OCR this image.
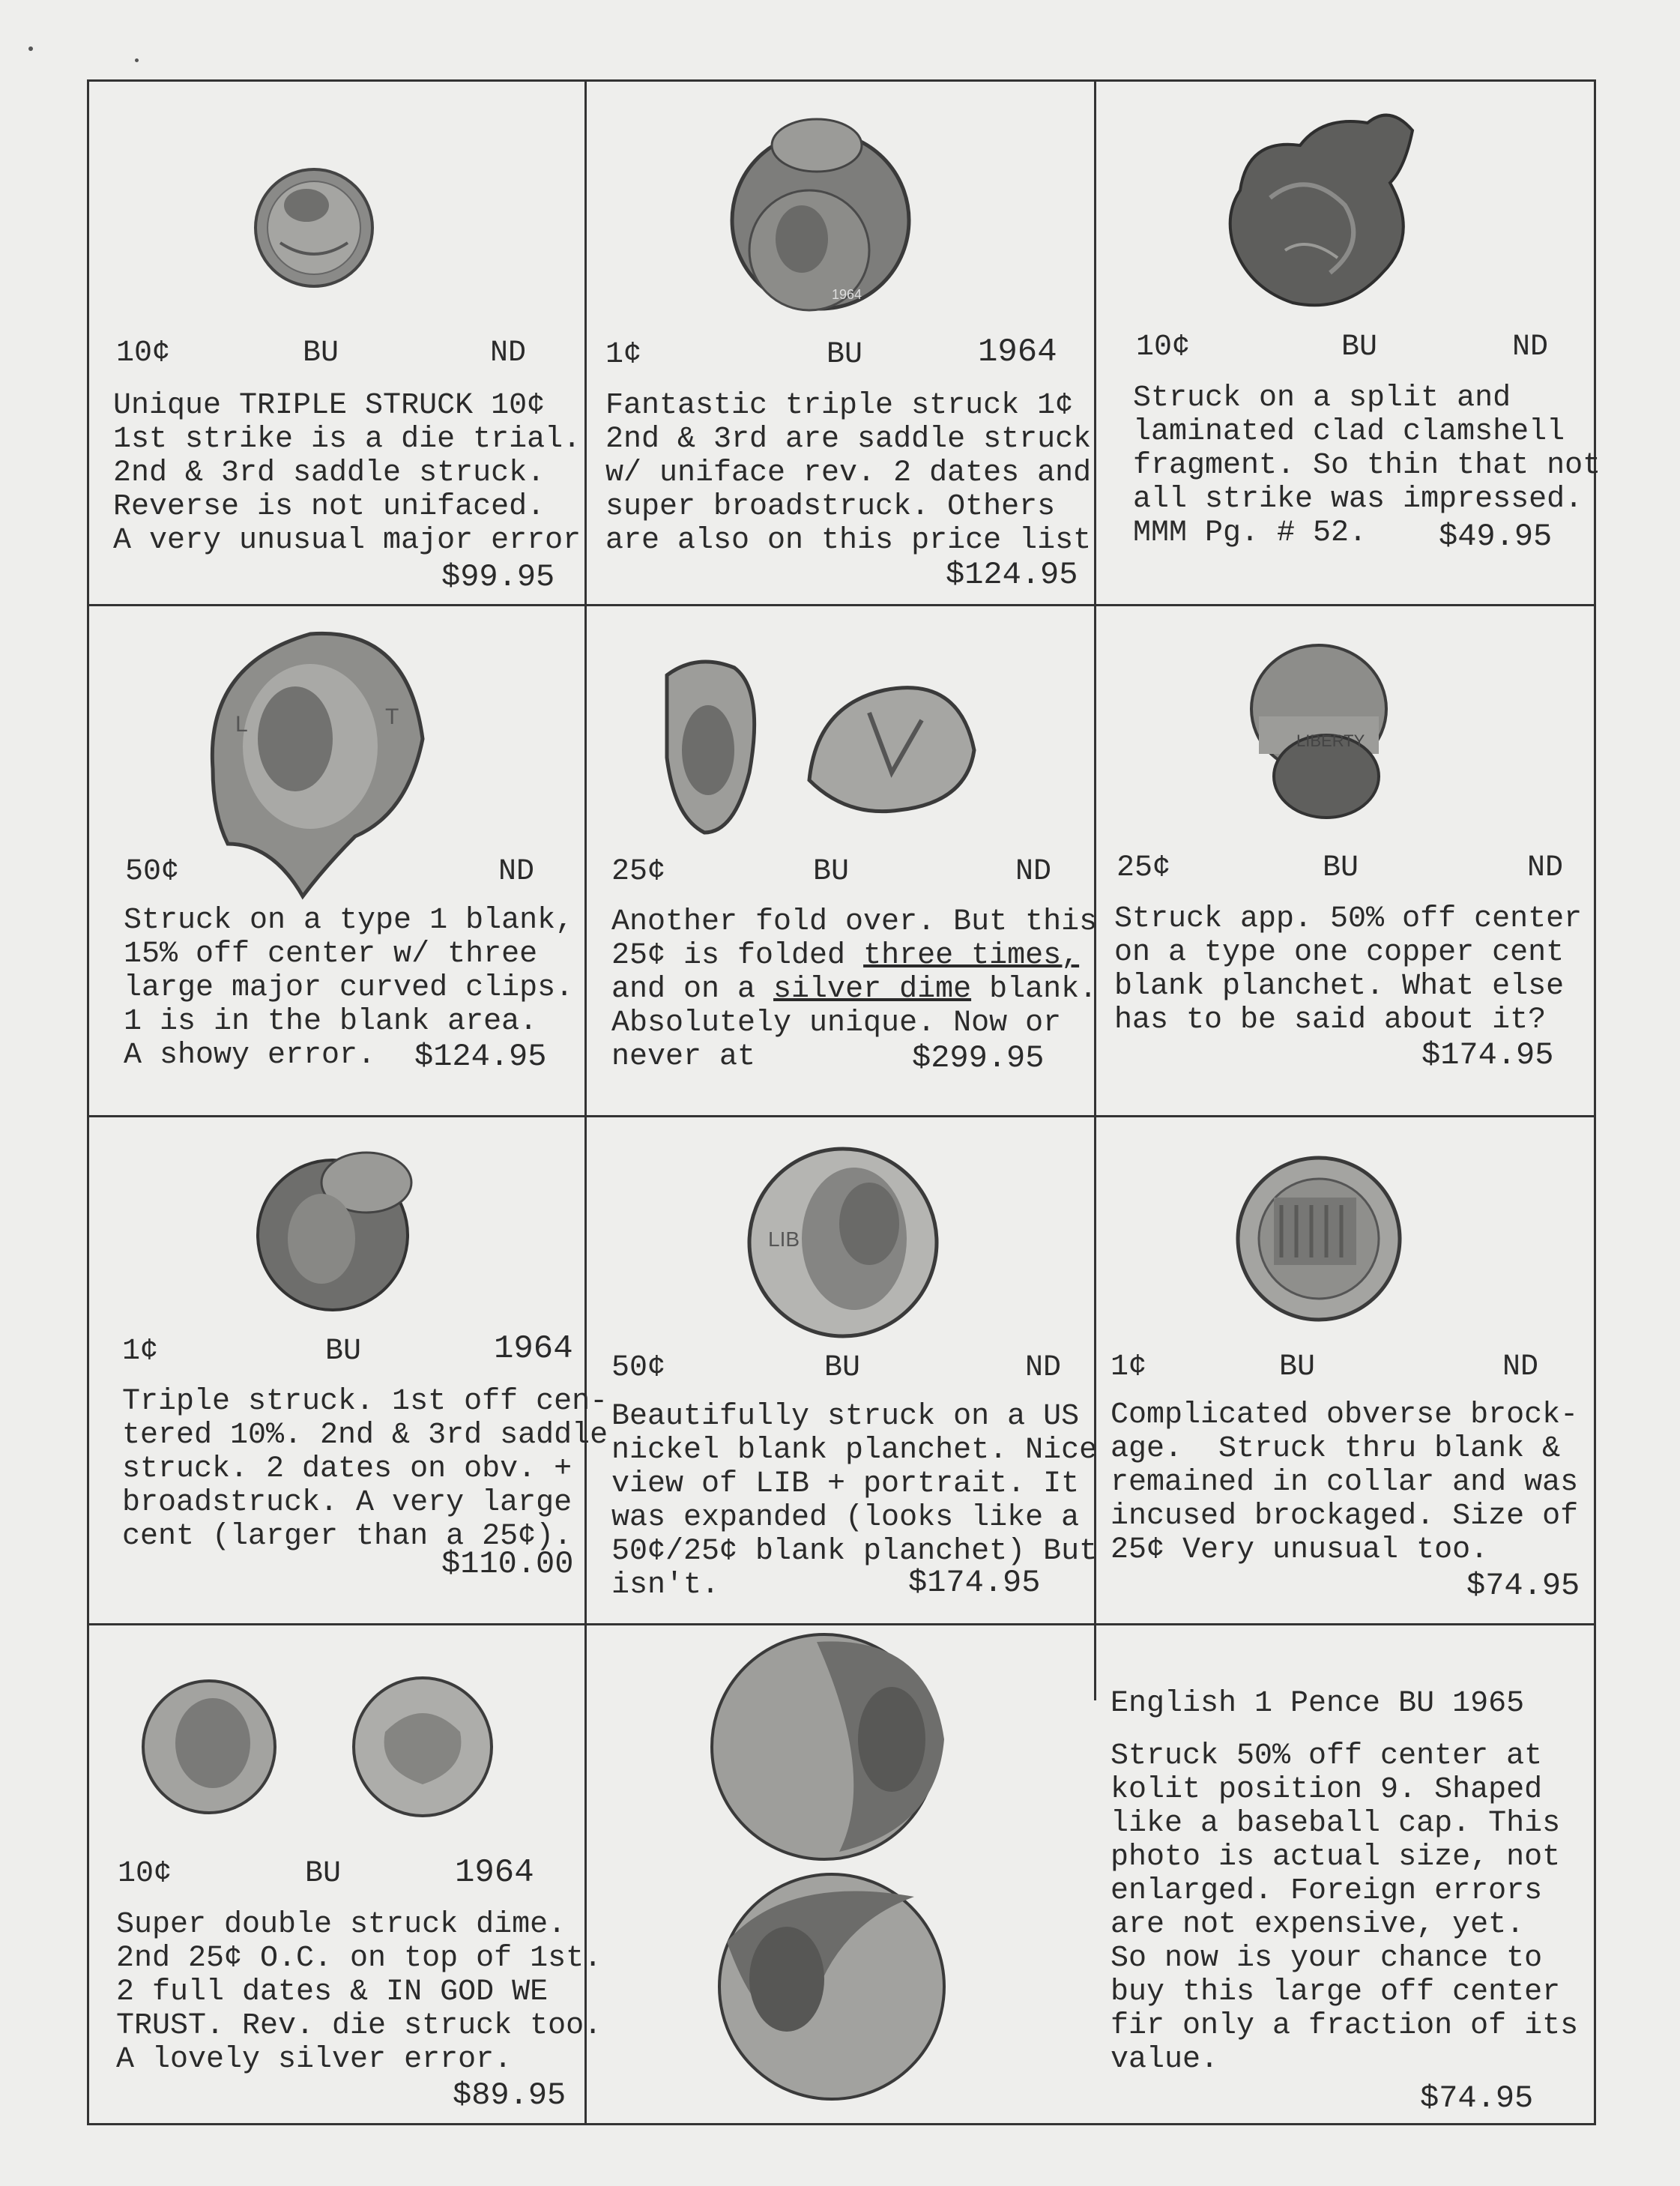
10¢	BU	ND
Unique TRIPLE STRUCK 10¢
1st strike is a die trial.
2nd & 3rd saddle struck.
Reverse is not unifaced.
A very unusual major error
$99.95
1964
1¢	BU	1964
Fantastic triple struck 1¢
2nd & 3rd are saddle struck
w/ uniface rev. 2 dates and
super broadstruck. Others
are also on this price list
$124.95
10¢	BU	ND
Struck on a split and
laminated clad clamshell
fragment. So thin that not
all strike was impressed.
MMM Pg. # 52.	$49.95
L	T
50¢	ND
Struck on a type 1 blank,
15% off center w/ three
large major curved clips.
1 is in the blank area.
A showy error.	$124.95
25¢	BU	ND
Another fold over. But this
25¢ is folded three times,
and on a silver dime blank.
Absolutely unique. Now or
never at	$299.95
LIBERTY
25¢	BU	ND
Struck app. 50% off center
on a type one copper cent
blank planchet. What else
has to be said about it?
$174.95
1¢	BU	1964
Triple struck. 1st off cen-
tered 10%. 2nd & 3rd saddle
struck. 2 dates on obv. +
broadstruck. A very large
cent (larger than a 25¢).
$110.00
LIB
50¢	BU	ND
Beautifully struck on a US
nickel blank planchet. Nice
view of LIB + portrait. It
was expanded (looks like a
50¢/25¢ blank planchet) But
isn't.	$174.95
1¢	BU	ND
Complicated obverse brock-
age.  Struck thru blank &
remained in collar and was
incused brockaged. Size of
25¢ Very unusual too.
$74.95
10¢	BU	1964
Super double struck dime.
2nd 25¢ O.C. on top of 1st.
2 full dates & IN GOD WE
TRUST. Rev. die struck too.
A lovely silver error.
$89.95
English 1 Pence BU 1965
Struck 50% off center at
kolit position 9. Shaped
like a baseball cap. This
photo is actual size, not
enlarged. Foreign errors
are not expensive, yet.
So now is your chance to
buy this large off center
fir only a fraction of its
value.
$74.95
